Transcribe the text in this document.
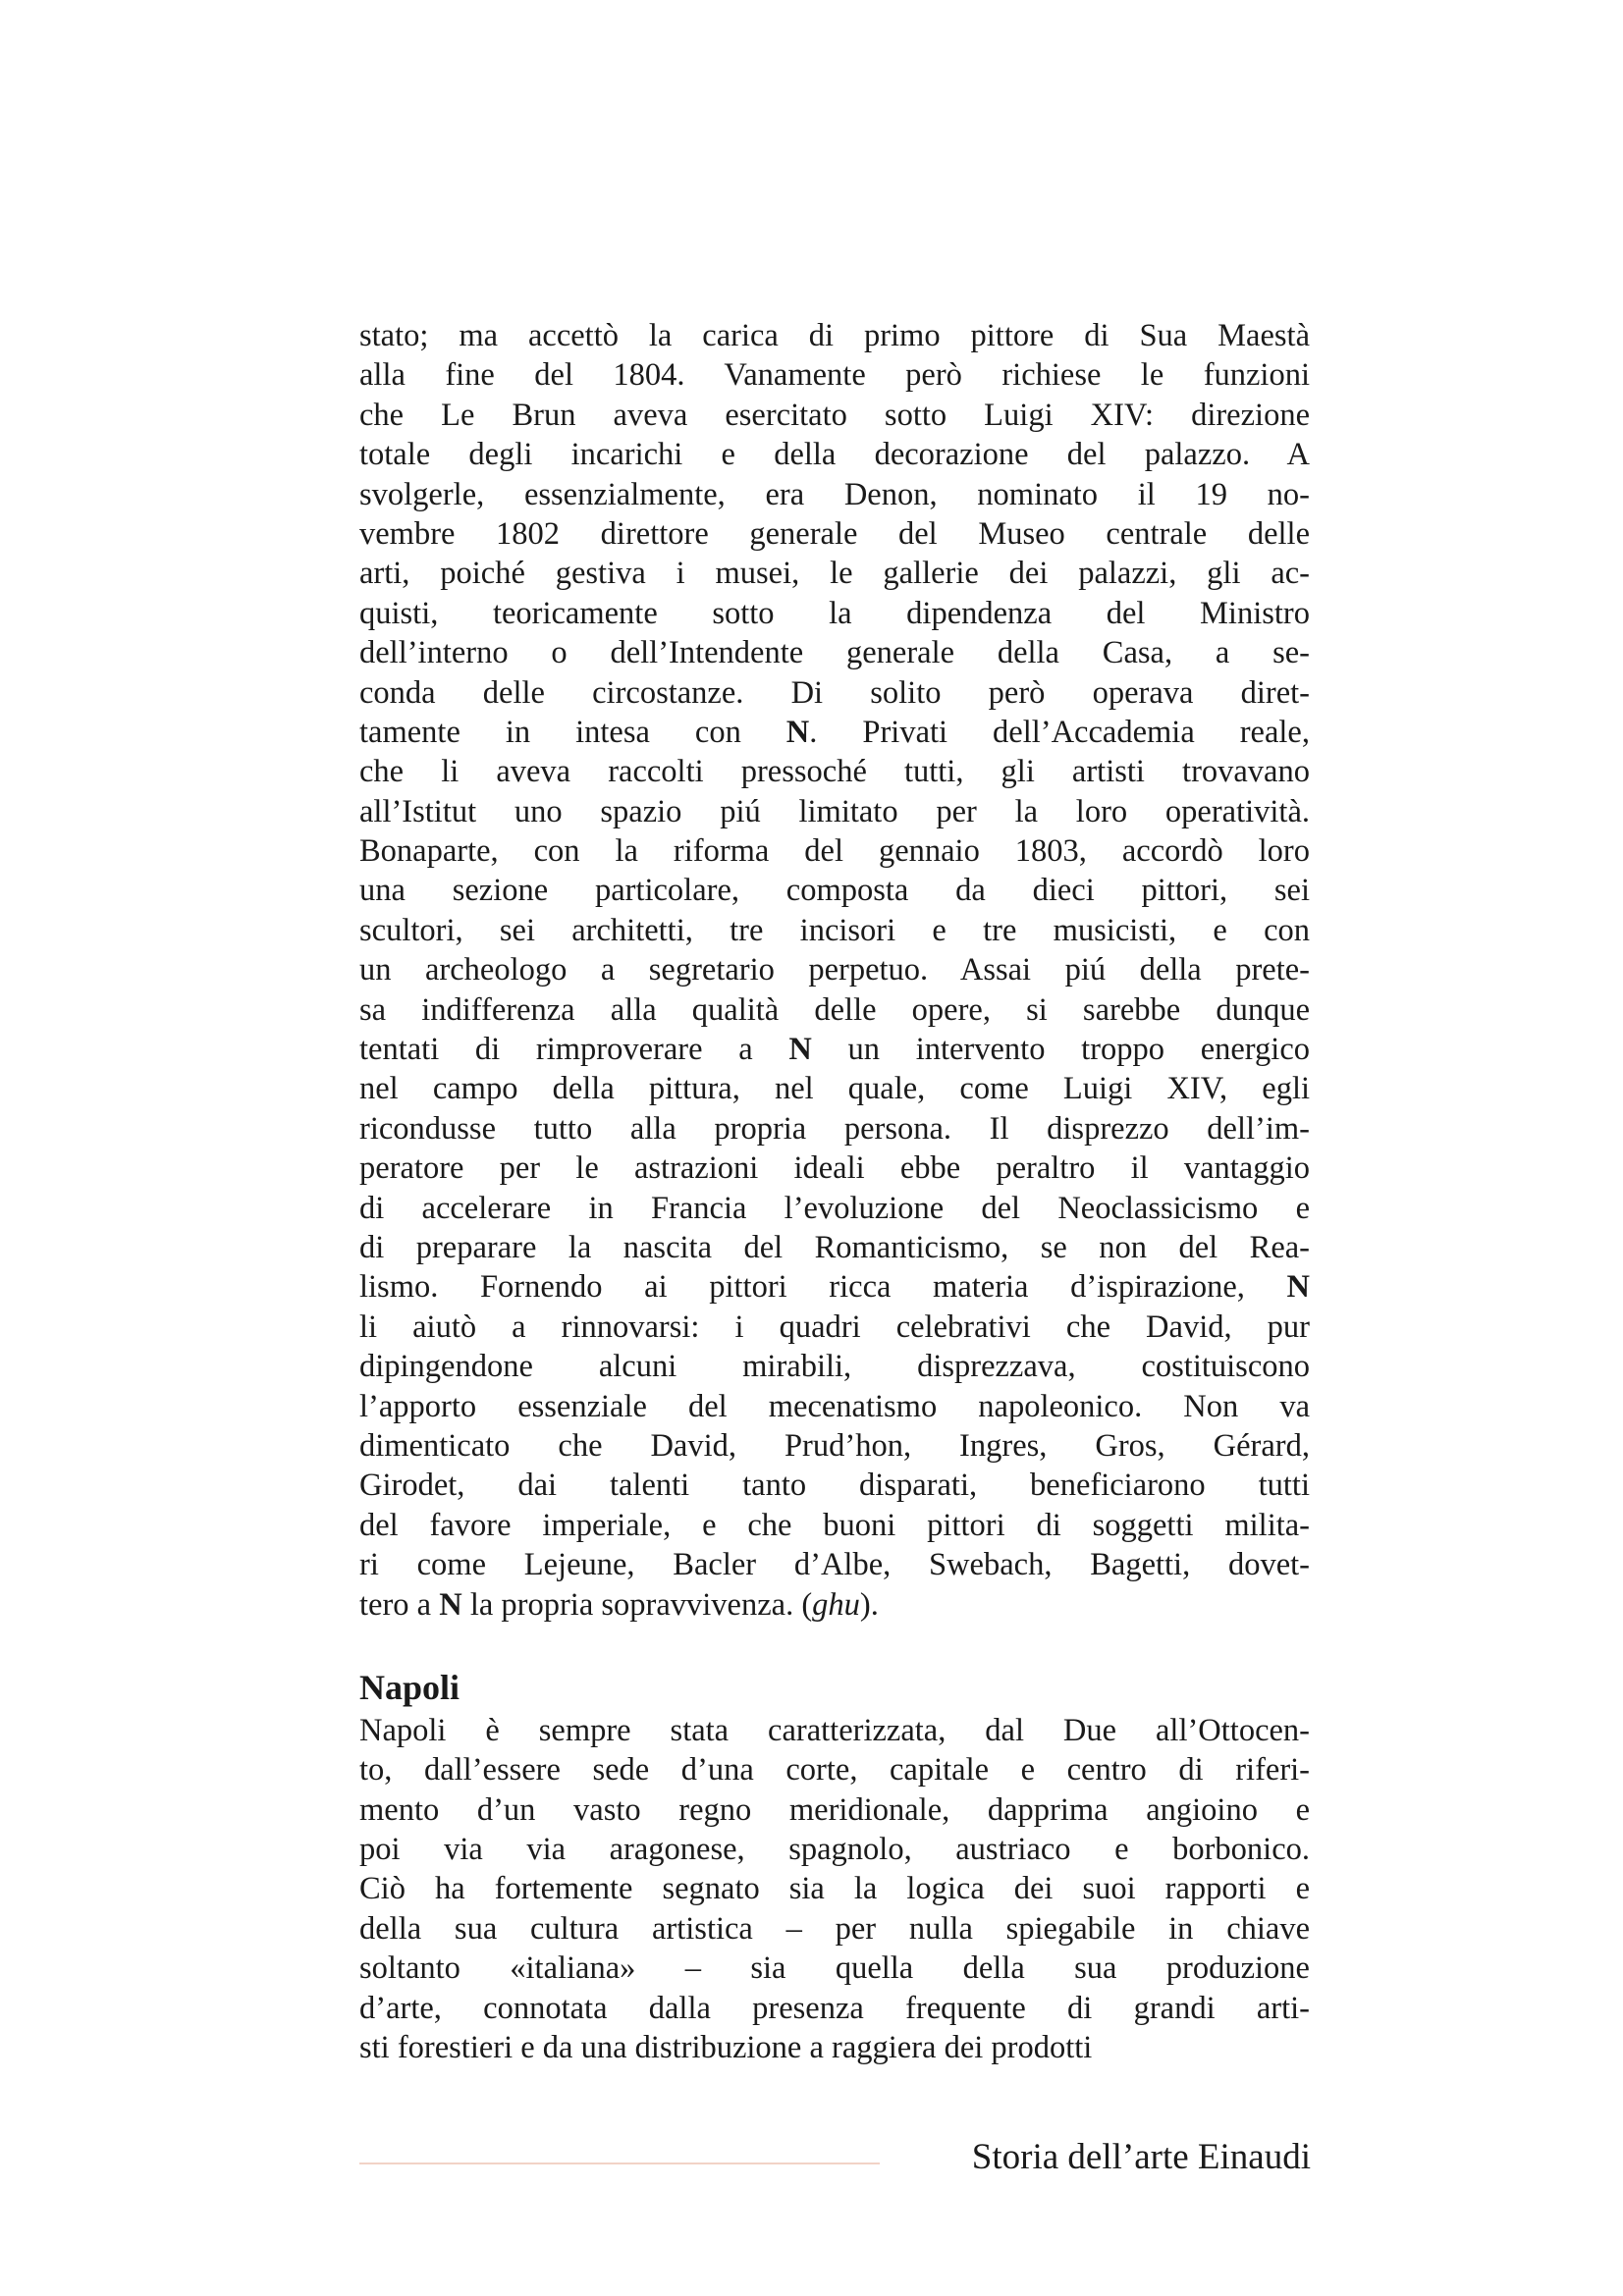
stato; ma accettò la carica di primo pittore di Sua Maestà
alla fine del 1804. Vanamente però richiese le funzioni
che Le Brun aveva esercitato sotto Luigi XIV: direzione
totale degli incarichi e della decorazione del palazzo. A
svolgerle, essenzialmente, era Denon, nominato il 19 no-
vembre 1802 direttore generale del Museo centrale delle
arti, poiché gestiva i musei, le gallerie dei palazzi, gli ac-
quisti, teoricamente sotto la dipendenza del Ministro
dell’interno o dell’Intendente generale della Casa, a se-
conda delle circostanze. Di solito però operava diret-
tamente in intesa con N. Privati dell’Accademia reale,
che li aveva raccolti pressoché tutti, gli artisti trovavano
all’Istitut uno spazio piú limitato per la loro operatività.
Bonaparte, con la riforma del gennaio 1803, accordò loro
una sezione particolare, composta da dieci pittori, sei
scultori, sei architetti, tre incisori e tre musicisti, e con
un archeologo a segretario perpetuo. Assai piú della prete-
sa indifferenza alla qualità delle opere, si sarebbe dunque
tentati di rimproverare a N un intervento troppo energico
nel campo della pittura, nel quale, come Luigi XIV, egli
ricondusse tutto alla propria persona. Il disprezzo dell’im-
peratore per le astrazioni ideali ebbe peraltro il vantaggio
di accelerare in Francia l’evoluzione del Neoclassicismo e
di preparare la nascita del Romanticismo, se non del Rea-
lismo. Fornendo ai pittori ricca materia d’ispirazione, N
li aiutò a rinnovarsi: i quadri celebrativi che David, pur
dipingendone alcuni mirabili, disprezzava, costituiscono
l’apporto essenziale del mecenatismo napoleonico. Non va
dimenticato che David, Prud’hon, Ingres, Gros, Gérard,
Girodet, dai talenti tanto disparati, beneficiarono tutti
del favore imperiale, e che buoni pittori di soggetti milita-
ri come Lejeune, Bacler d’Albe, Swebach, Bagetti, dovet-
tero a N la propria sopravvivenza. (ghu).
Napoli
Napoli è sempre stata caratterizzata, dal Due all’Ottocen-
to, dall’essere sede d’una corte, capitale e centro di riferi-
mento d’un vasto regno meridionale, dapprima angioino e
poi via via aragonese, spagnolo, austriaco e borbonico.
Ciò ha fortemente segnato sia la logica dei suoi rapporti e
della sua cultura artistica – per nulla spiegabile in chiave
soltanto «italiana» – sia quella della sua produzione
d’arte, connotata dalla presenza frequente di grandi arti-
sti forestieri e da una distribuzione a raggiera dei prodotti
Storia dell’arte Einaudi
